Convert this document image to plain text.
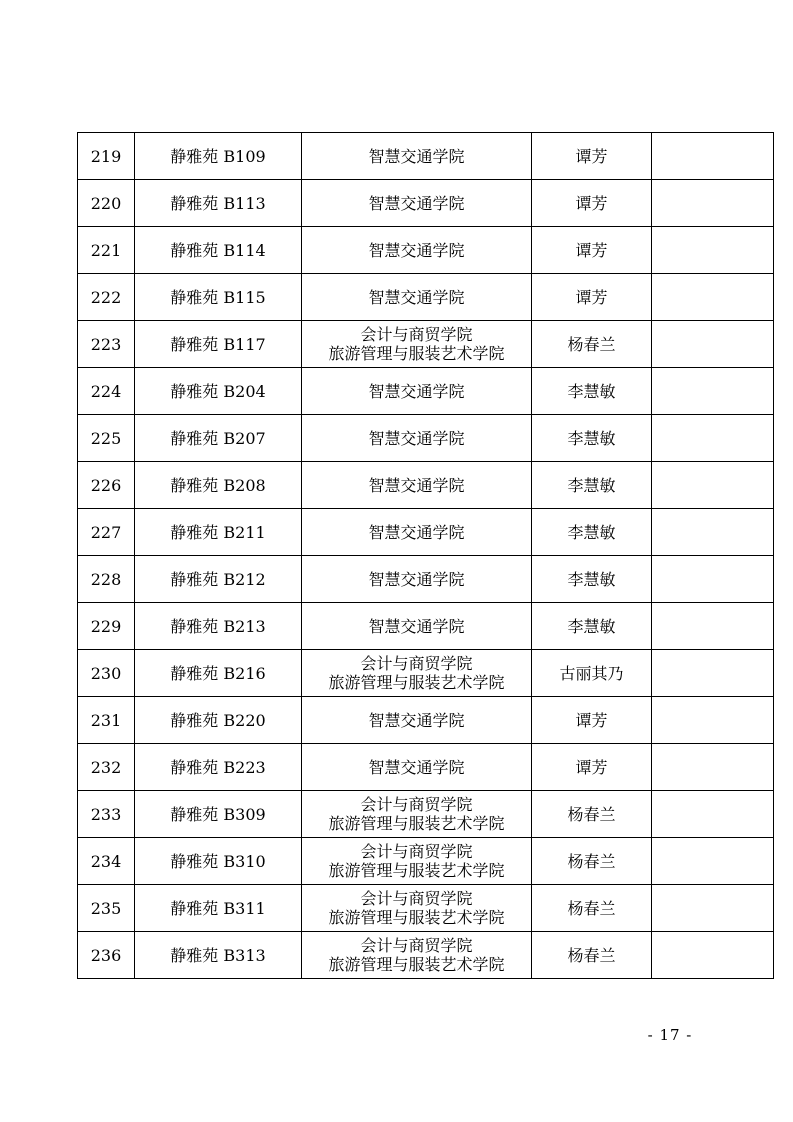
219	静雅苑 B109	智慧交通学院	谭芳	
220	静雅苑 B113	智慧交通学院	谭芳	
221	静雅苑 B114	智慧交通学院	谭芳	
222	静雅苑 B115	智慧交通学院	谭芳	
223	静雅苑 B117	会计与商贸学院
旅游管理与服装艺术学院	杨春兰	
224	静雅苑 B204	智慧交通学院	李慧敏	
225	静雅苑 B207	智慧交通学院	李慧敏	
226	静雅苑 B208	智慧交通学院	李慧敏	
227	静雅苑 B211	智慧交通学院	李慧敏	
228	静雅苑 B212	智慧交通学院	李慧敏	
229	静雅苑 B213	智慧交通学院	李慧敏	
230	静雅苑 B216	会计与商贸学院
旅游管理与服装艺术学院	古丽其乃	
231	静雅苑 B220	智慧交通学院	谭芳	
232	静雅苑 B223	智慧交通学院	谭芳	
233	静雅苑 B309	会计与商贸学院
旅游管理与服装艺术学院	杨春兰	
234	静雅苑 B310	会计与商贸学院
旅游管理与服装艺术学院	杨春兰	
235	静雅苑 B311	会计与商贸学院
旅游管理与服装艺术学院	杨春兰	
236	静雅苑 B313	会计与商贸学院
旅游管理与服装艺术学院	杨春兰	
- 17 -
